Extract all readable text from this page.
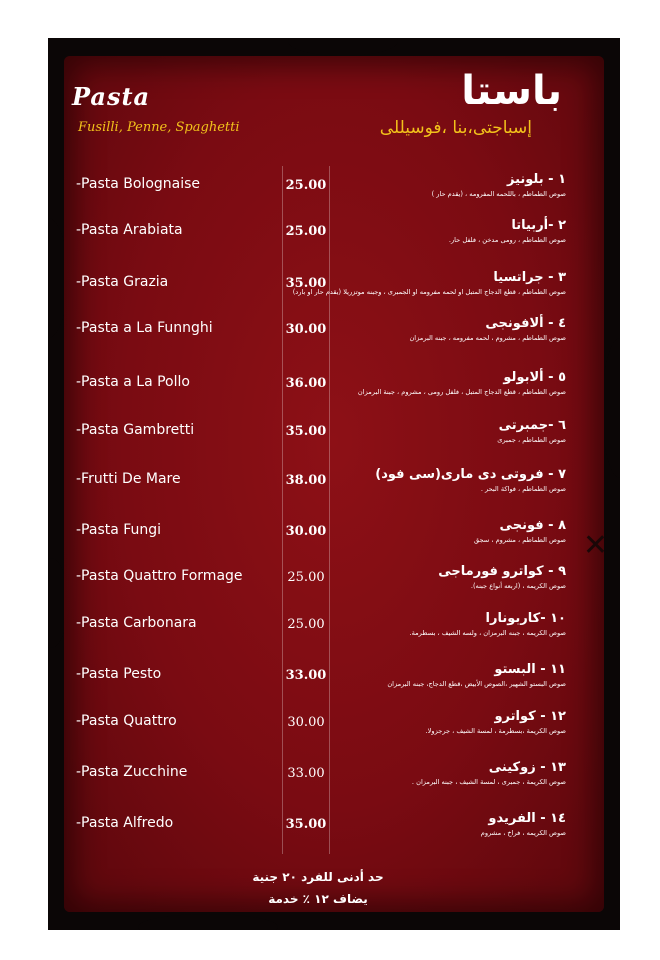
Pasta
Fusilli, Penne, Spaghetti
باستا
إسباجتى،بنا ،فوسيللى
-Pasta Bolognaise	25.00	١ - بلونيز
صوص الطماطم ، باللحمه المفرومه ، (يقدم حار )
-Pasta Arabiata	25.00	٢ -أربياتا
صوص الطماطم ، رومى مدخن ، فلفل حار.
-Pasta Grazia	35.00	٣ - جراتسيا
صوص الطماطم ، قطع الدجاج المتبل او لحمه مفرومه او الجمبرى ، وجبنه موتزريلا (يقدم حار او بارد)
-Pasta a La Funnghi	30.00	٤ - ألافونجى
صوص الطماطم ، مشروم ، لحمه مفرومه ، جبنه البرمزان
-Pasta a La Pollo	36.00	٥ - ألابولو
صوص الطماطم ، قطع الدجاج المتبل ، فلفل رومى ، مشروم ، جبنة البرمزان
-Pasta Gambretti	35.00	٦ -جمبرتى
صوص الطماطم ، جمبرى
-Frutti De Mare	38.00	٧ - فروتى دى مارى(سى فود)
صوص الطماطم ، فواكة البحر .
-Pasta Fungi	30.00	٨ - فونجى
صوص الطماطم ، مشروم ، سجق
-Pasta Quattro Formage	25.00	٩ - كواترو فورماجى
صوص الكريمه ، (اربعه أنواع جبنه).
-Pasta Carbonara	25.00	١٠ -كاربونارا
صوص الكريمه ، جبنه البرمزان ، ولسه الشيف ، بسطرمة.
-Pasta Pesto	33.00	١١ - البستو
صوص البستو الشهير ،الصوص الأبيض ،قطع الدجاج، جبنه البرمزان
-Pasta Quattro	30.00	١٢ - كواترو
صوص الكريمة ،بسطرمة ، لمسة الشيف ، جرجزولا.
-Pasta Zucchine	33.00	١٣ - زوكينى
صوص الكريمة ، جمبرى ، لمسة الشيف ، جبنه البرمزان .
-Pasta Alfredo	35.00	١٤ - الفريدو
صوص الكريمه ، فراخ ، مشروم
✕
حد أدنى للفرد ٢٠ جنية
يضاف ١٢ ٪ خدمة
